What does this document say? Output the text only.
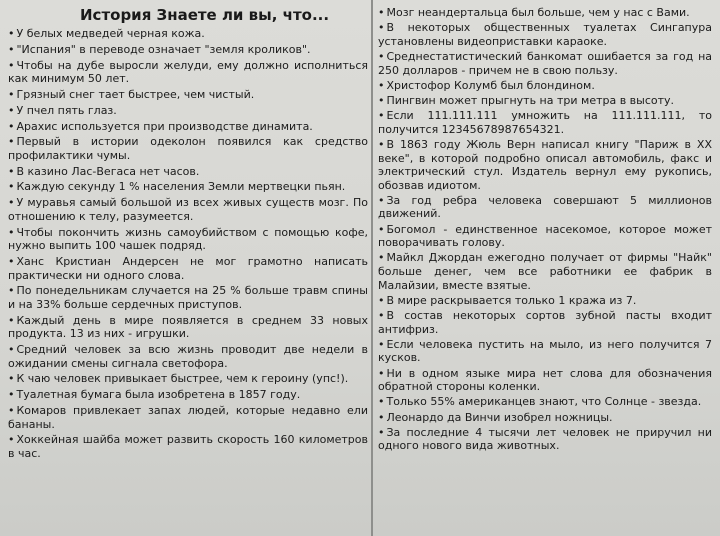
История Знаете ли вы, что...
• У белых медведей черная кожа.
• "Испания" в переводе означает "земля кроликов".
• Чтобы на дубе выросли желуди, ему должно исполниться как минимум 50 лет.
• Грязный снег тает быстрее, чем чистый.
• У пчел пять глаз.
• Арахис используется при производстве динамита.
• Первый в истории одеколон появился как средство профилактики чумы.
• В казино Лас-Вегаса нет часов.
• Каждую секунду 1 % населения Земли мертвецки пьян.
• У муравья самый большой из всех живых существ мозг. По отношению к телу, разумеется.
• Чтобы покончить жизнь самоубийством с помощью кофе, нужно выпить 100 чашек подряд.
• Ханс Кристиан Андерсен не мог грамотно написать практически ни одного слова.
• По понедельникам случается на 25 % больше травм спины и на 33% больше сердечных приступов.
• Каждый день в мире появляется в среднем 33 новых продукта. 13 из них - игрушки.
• Средний человек за всю жизнь проводит две недели в ожидании смены сигнала светофора.
• К чаю человек привыкает быстрее, чем к героину (упс!).
• Туалетная бумага была изобретена в 1857 году.
• Комаров привлекает запах людей, которые недавно ели бананы.
• Хоккейная шайба может развить скорость 160 километров в час.
• Мозг неандертальца был больше, чем у нас с Вами.
• В некоторых общественных туалетах Сингапура установлены видеоприставки караоке.
• Среднестатистический банкомат ошибается за год на 250 долларов - причем не в свою пользу.
• Христофор Колумб был блондином.
• Пингвин может прыгнуть на три метра в высоту.
• Если 111.111.111 умножить на 111.111.111, то получится 12345678987654321.
• В 1863 году Жюль Верн написал книгу "Париж в XX веке", в которой подробно описал автомобиль, факс и электрический стул. Издатель вернул ему рукопись, обозвав идиотом.
• За год ребра человека совершают 5 миллионов движений.
• Богомол - единственное насекомое, которое может поворачивать голову.
• Майкл Джордан ежегодно получает от фирмы "Найк" больше денег, чем все работники ее фабрик в Малайзии, вместе взятые.
• В мире раскрывается только 1 кража из 7.
• В состав некоторых сортов зубной пасты входит антифриз.
• Если человека пустить на мыло, из него получится 7 кусков.
• Ни в одном языке мира нет слова для обозначения обратной стороны коленки.
• Только 55% американцев знают, что Солнце - звезда.
• Леонардо да Винчи изобрел ножницы.
• За последние 4 тысячи лет человек не приручил ни одного нового вида животных.
